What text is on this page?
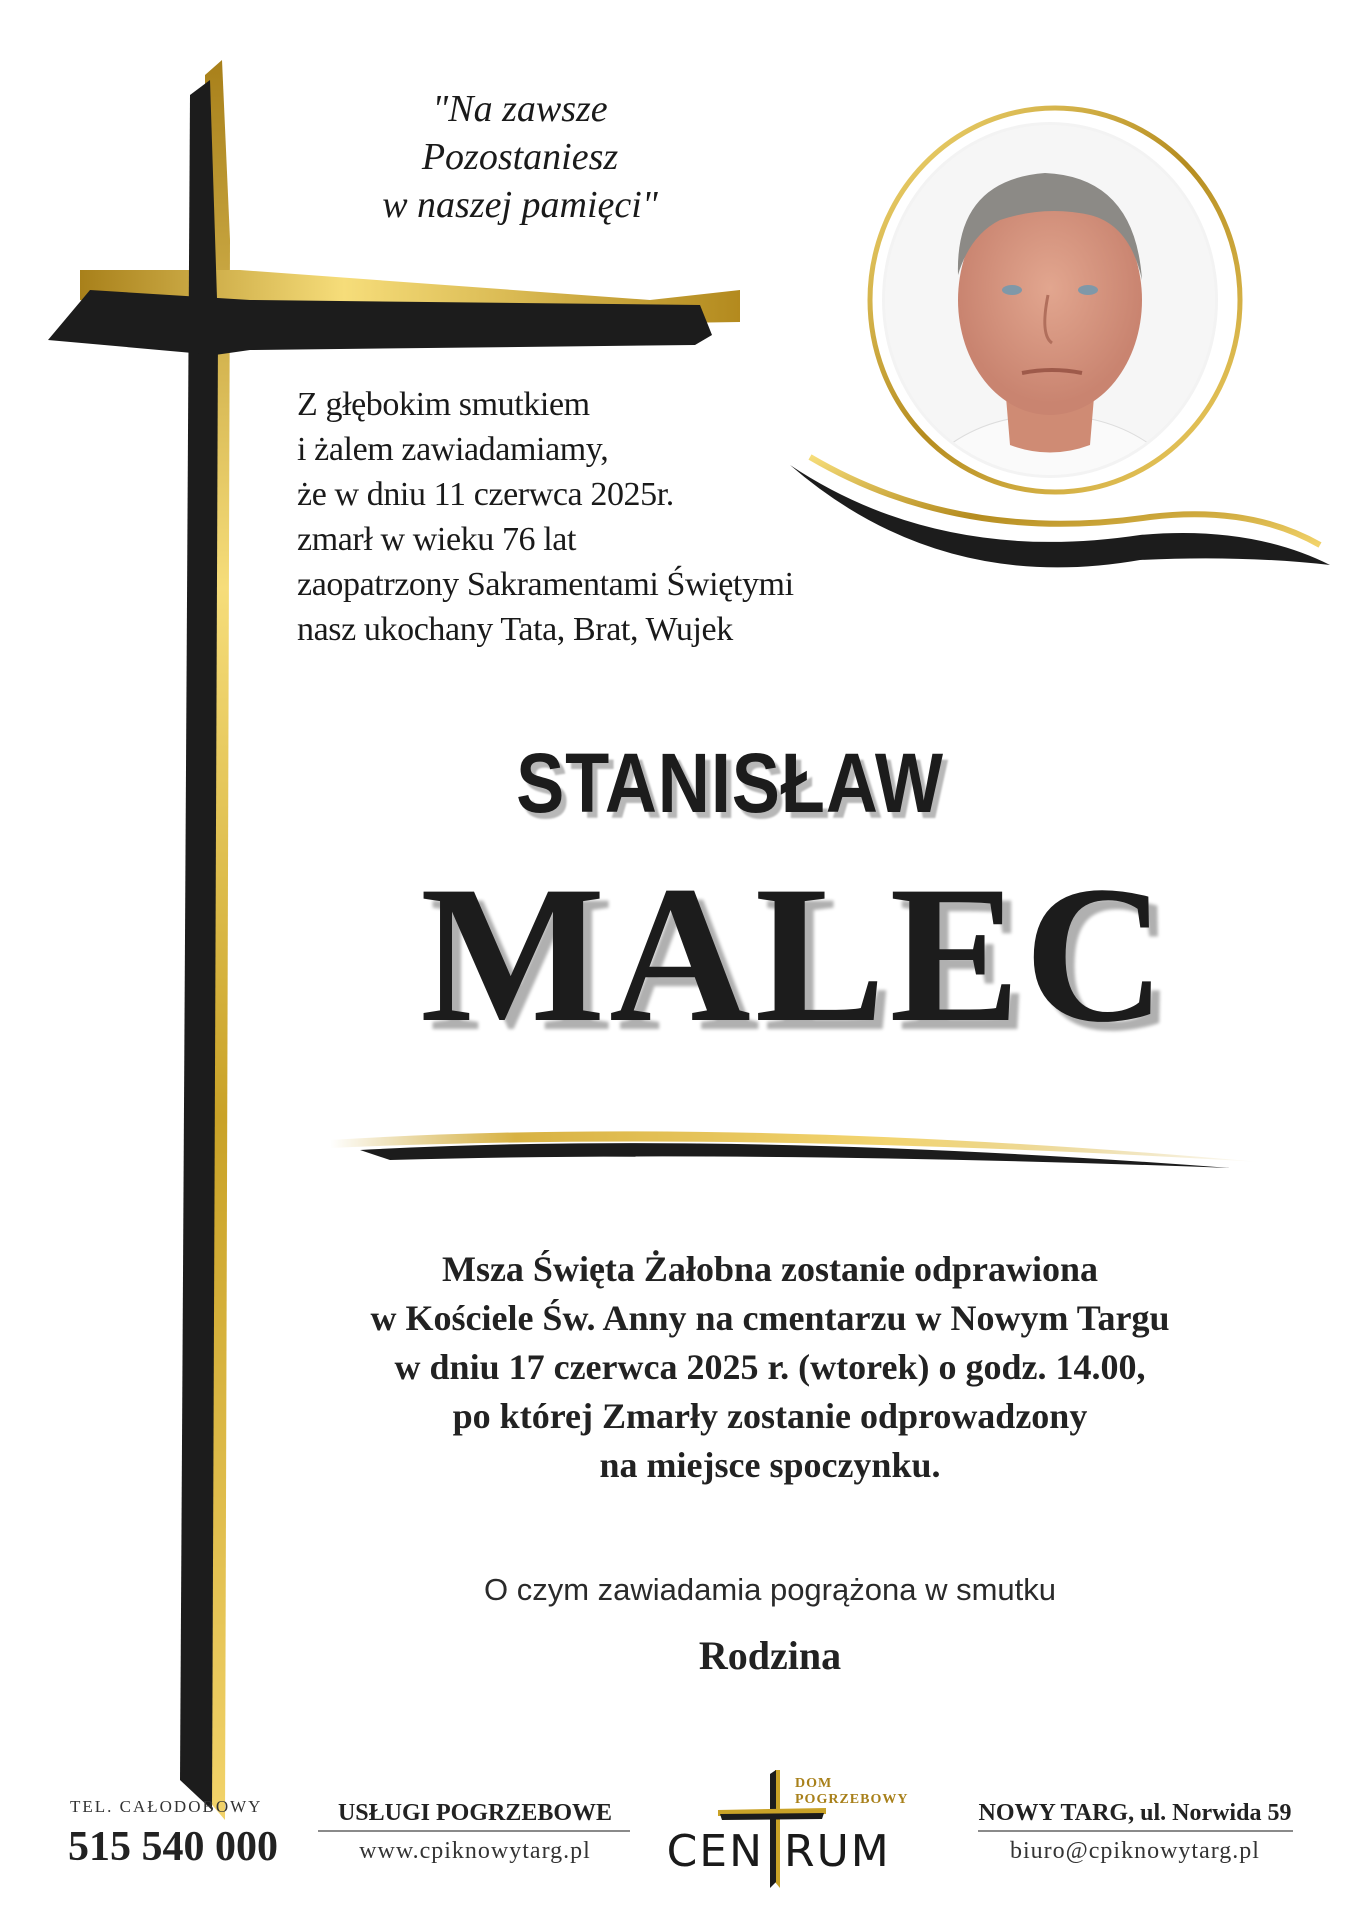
"Na zawsze
Pozostaniesz
w naszej pamięci"
Z głębokim smutkiem
i żalem zawiadamiamy,
że w dniu 11 czerwca 2025r.
zmarł w wieku 76 lat
zaopatrzony Sakramentami Świętymi
nasz ukochany Tata, Brat, Wujek
STANISŁAW
MALEC
Msza Święta Żałobna zostanie odprawiona
w Kościele Św. Anny na cmentarzu w Nowym Targu
w dniu 17 czerwca 2025 r. (wtorek) o godz. 14.00,
po której Zmarły zostanie odprowadzony
na miejsce spoczynku.
O czym zawiadamia pogrążona w smutku
Rodzina
TEL. CAŁODOBOWY
515 540 000
USŁUGI POGRZEBOWE
www.cpiknowytarg.pl
DOM
POGRZEBOWY
CEN RUM
NOWY TARG, ul. Norwida 59
biuro@cpiknowytarg.pl
